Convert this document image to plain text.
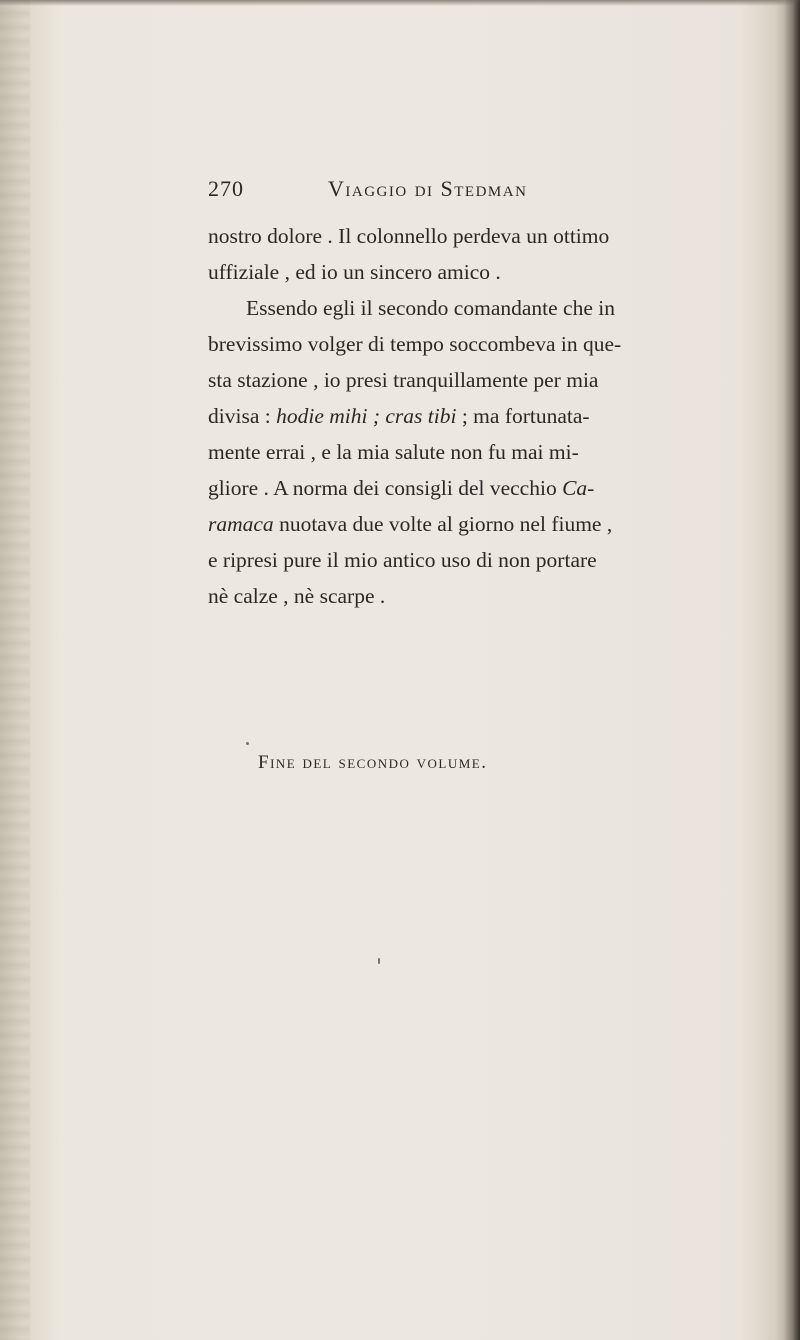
270	Viaggio di Stedman
nostro dolore . Il colonnello perdeva un ottimo
uffiziale , ed io un sincero amico .
Essendo egli il secondo comandante che in
brevissimo volger di tempo soccombeva in que-
sta stazione , io presi tranquillamente per mia
divisa : hodie mihi ; cras tibi ; ma fortunata-
mente errai , e la mia salute non fu mai mi-
gliore . A norma dei consigli del vecchio Ca-
ramaca nuotava due volte al giorno nel fiume ,
e ripresi pure il mio antico uso di non portare
nè calze , nè scarpe .
Fine del secondo volume.
